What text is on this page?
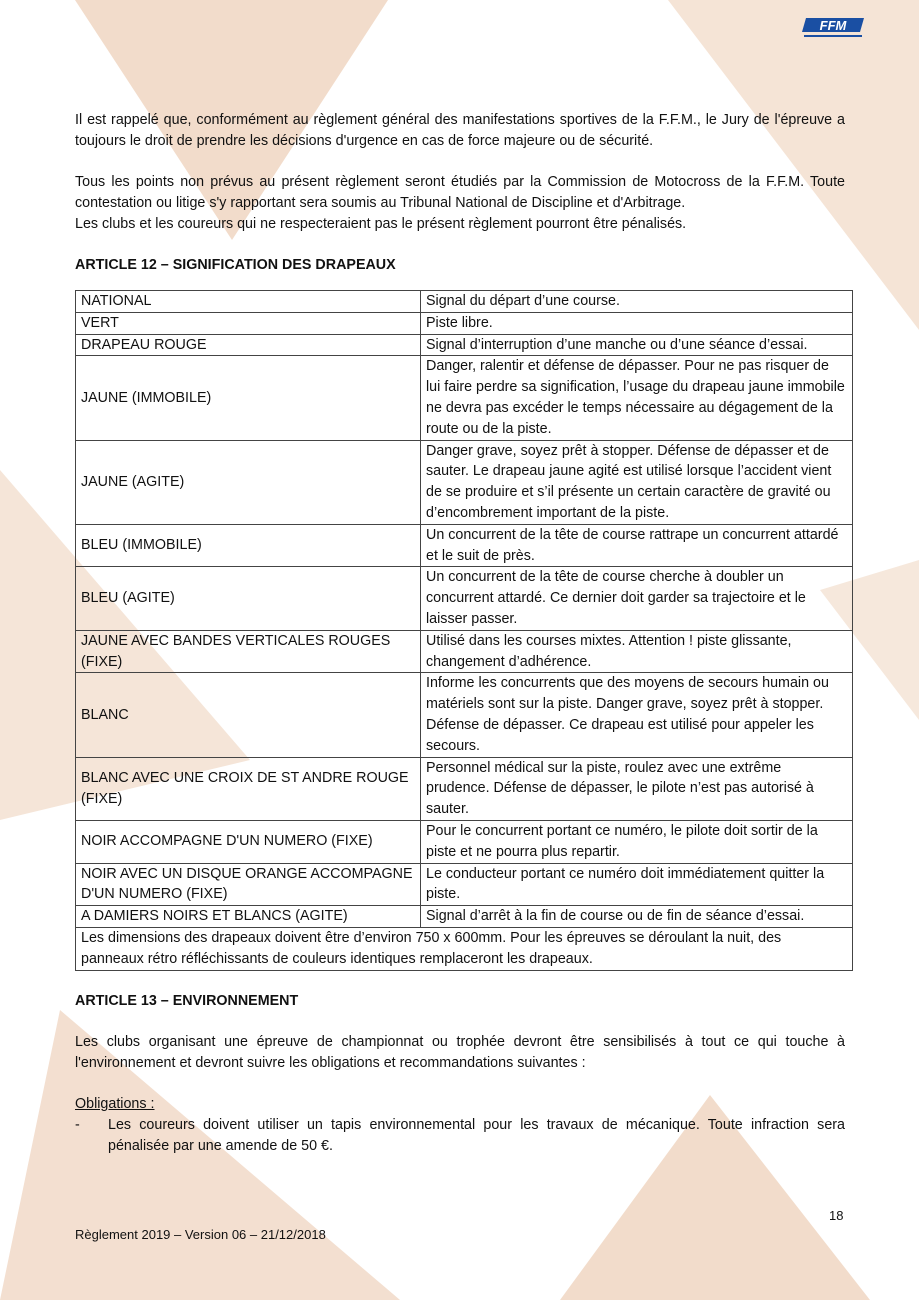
FFM

Il est rappelé que, conformément au règlement général des manifestations sportives de la F.F.M., le Jury de l'épreuve a toujours le droit de prendre les décisions d'urgence en cas de force majeure ou de sécurité.

Tous les points non prévus au présent règlement seront étudiés par la Commission de Motocross de la F.F.M. Toute contestation ou litige s'y rapportant sera soumis au Tribunal National de Discipline et d'Arbitrage.

Les clubs et les coureurs qui ne respecteraient pas le présent règlement pourront être pénalisés.

ARTICLE 12 – SIGNIFICATION DES DRAPEAUX
NATIONAL	Signal du départ d’une course.
VERT	Piste libre.
DRAPEAU ROUGE	Signal d’interruption d’une manche ou d’une séance d’essai.
JAUNE (IMMOBILE)	Danger, ralentir et défense de dépasser. Pour ne pas risquer de lui faire perdre sa signification, l’usage du drapeau jaune immobile ne devra pas excéder le temps nécessaire au dégagement de la route ou de la piste.
JAUNE (AGITE)	Danger grave, soyez prêt à stopper. Défense de dépasser et de sauter. Le drapeau jaune agité est utilisé lorsque l’accident vient de se produire et s’il présente un certain caractère de gravité ou d’encombrement important de la piste.
BLEU (IMMOBILE)	Un concurrent de la tête de course rattrape un concurrent attardé et le suit de près.
BLEU (AGITE)	Un concurrent de la tête de course cherche à doubler un concurrent attardé. Ce dernier doit garder sa trajectoire et le laisser passer.
JAUNE AVEC BANDES VERTICALES ROUGES (FIXE)	Utilisé dans les courses mixtes. Attention ! piste glissante, changement d’adhérence.
BLANC	Informe les concurrents que des moyens de secours humain ou matériels sont sur la piste. Danger grave, soyez prêt à stopper. Défense de dépasser. Ce drapeau est utilisé pour appeler les secours.
BLANC AVEC UNE CROIX DE ST ANDRE ROUGE (FIXE)	Personnel médical sur la piste, roulez avec une extrême prudence. Défense de dépasser, le pilote n’est pas autorisé à sauter.
NOIR ACCOMPAGNE D'UN NUMERO (FIXE)	Pour le concurrent portant ce numéro, le pilote doit sortir de la piste et ne pourra plus repartir.
NOIR AVEC UN DISQUE ORANGE ACCOMPAGNE D'UN NUMERO (FIXE)	Le conducteur portant ce numéro doit immédiatement quitter la piste.
A DAMIERS NOIRS ET BLANCS (AGITE)	Signal d’arrêt à la fin de course ou de fin de séance d’essai.
Les dimensions des drapeaux doivent être d’environ 750 x 600mm. Pour les épreuves se déroulant la nuit, des panneaux rétro réfléchissants de couleurs identiques remplaceront les drapeaux.	
ARTICLE 13 – ENVIRONNEMENT

Les clubs organisant une épreuve de championnat ou trophée devront être sensibilisés à tout ce qui touche à l'environnement et devront suivre les obligations et recommandations suivantes :

Obligations :

-	Les coureurs doivent utiliser un tapis environnemental pour les travaux de mécanique. Toute infraction sera pénalisée par une amende de 50 €.

18
Règlement 2019 – Version 06 – 21/12/2018
